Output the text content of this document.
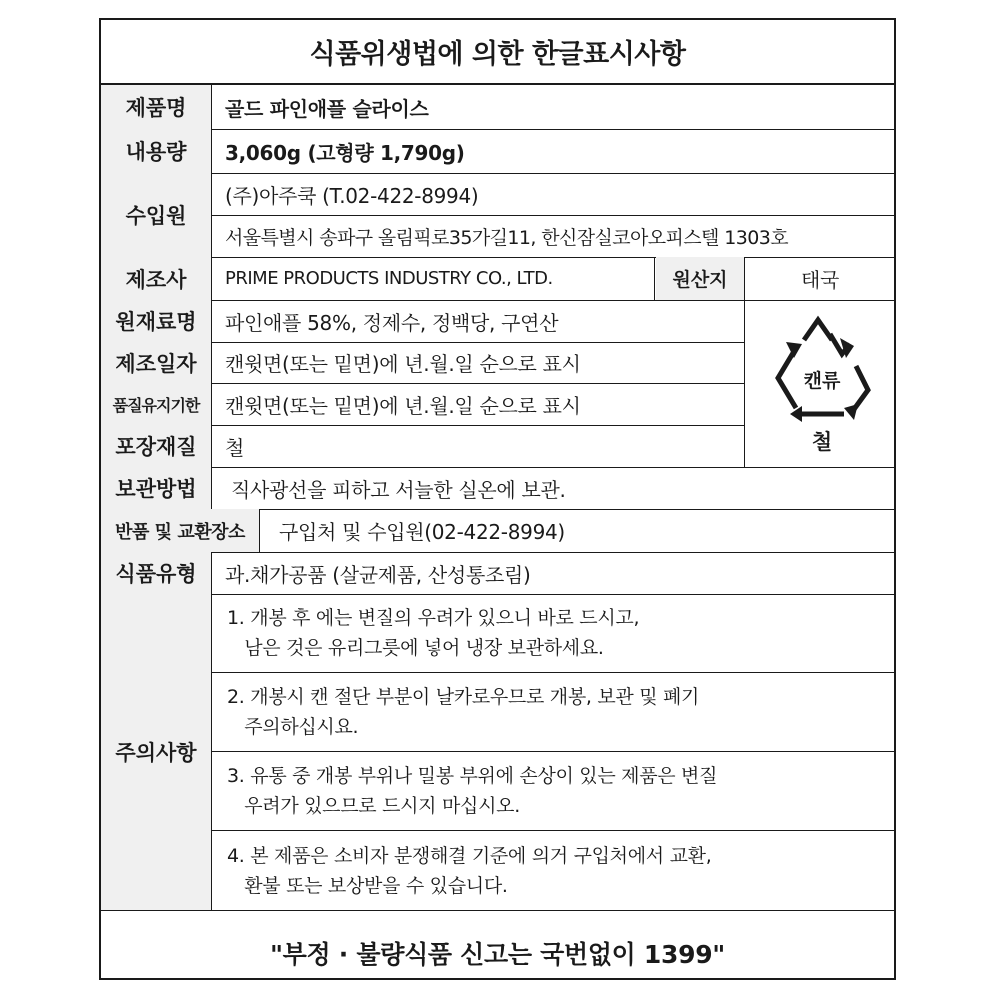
식품위생법에 의한 한글표시사항
제품명
내용량
수입원
제조사
원재료명
제조일자
품질유지기한
포장재질
보관방법
반품 및 교환장소
식품유형
주의사항
골드 파인애플 슬라이스
3,060g (고형량 1,790g)
(주)아주쿡 (T.02-422-8994)
서울특별시 송파구 올림픽로35가길11, 한신잠실코아오피스텔 1303호
PRIME PRODUCTS INDUSTRY CO., LTD.	원산지	태국
파인애플 58%, 정제수, 정백당, 구연산
캔윗면(또는 밑면)에 년.월.일 순으로 표시
캔윗면(또는 밑면)에 년.월.일 순으로 표시
철
직사광선을 피하고 서늘한 실온에 보관.
구입처 및 수입원(02-422-8994)
과.채가공품 (살균제품, 산성통조림)
캔류
철
1. 개봉 후 에는 변질의 우려가 있으니 바로 드시고,
남은 것은 유리그릇에 넣어 냉장 보관하세요.
2. 개봉시 캔 절단 부분이 날카로우므로 개봉, 보관 및 폐기
주의하십시요.
3. 유통 중 개봉 부위나 밀봉 부위에 손상이 있는 제품은 변질
우려가 있으므로 드시지 마십시오.
4. 본 제품은 소비자 분쟁해결 기준에 의거 구입처에서 교환,
환불 또는 보상받을 수 있습니다.
"부정 · 불량식품 신고는 국번없이 1399"
